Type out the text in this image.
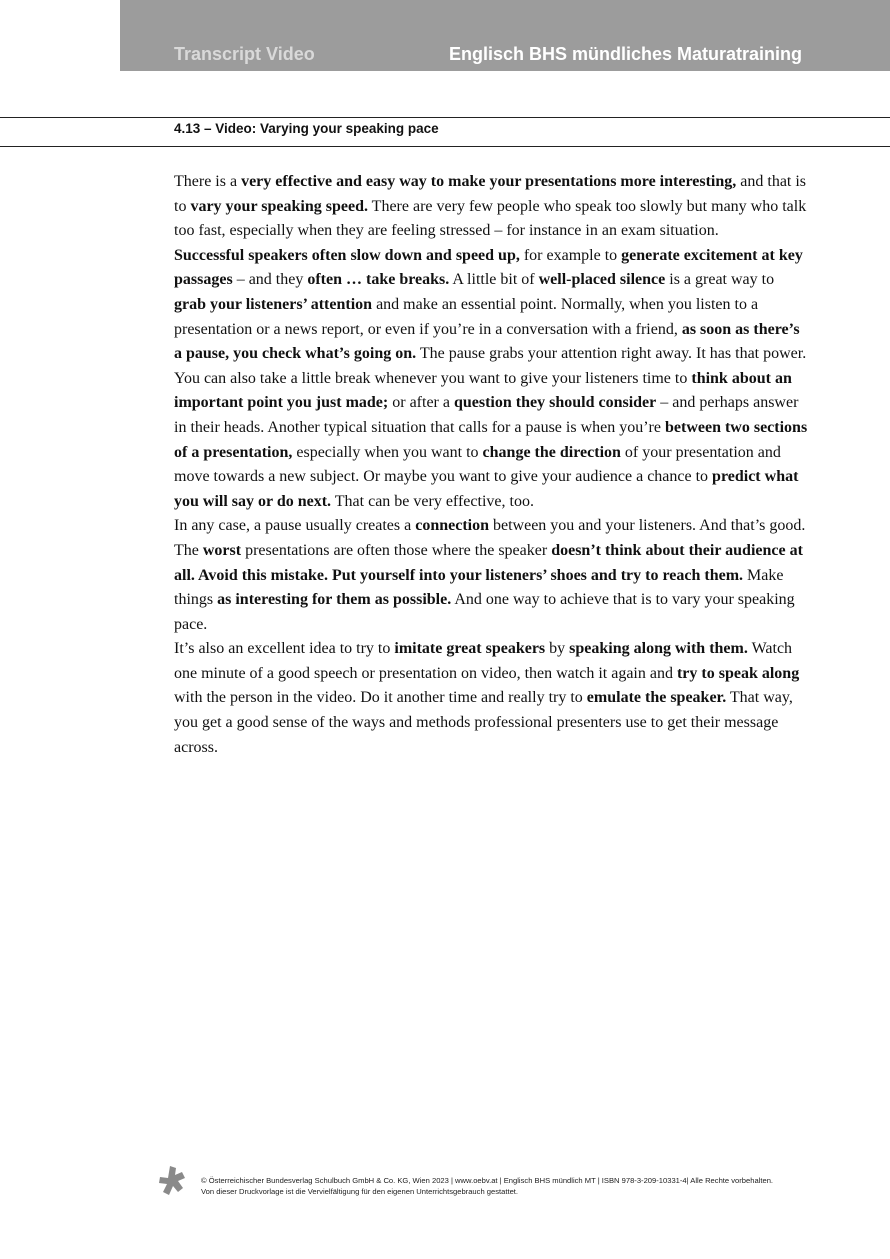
Transcript Video	Englisch BHS mündliches Maturatraining
4.13 – Video: Varying your speaking pace

There is a very effective and easy way to make your presentations more interesting, and that is to vary your speaking speed. There are very few people who speak too slowly but many who talk too fast, especially when they are feeling stressed – for instance in an exam situation.

Successful speakers often slow down and speed up, for example to generate excitement at key passages – and they often … take breaks. A little bit of well-placed silence is a great way to grab your listeners’ attention and make an essential point. Normally, when you listen to a presentation or a news report, or even if you’re in a conversation with a friend, as soon as there’s a pause, you check what’s going on. The pause grabs your attention right away. It has that power.

You can also take a little break whenever you want to give your listeners time to think about an important point you just made; or after a question they should consider – and perhaps answer in their heads. Another typical situation that calls for a pause is when you’re between two sections of a presentation, especially when you want to change the direction of your presentation and move towards a new subject. Or maybe you want to give your audience a chance to predict what you will say or do next. That can be very effective, too.

In any case, a pause usually creates a connection between you and your listeners. And that’s good. The worst presentations are often those where the speaker doesn’t think about their audience at all. Avoid this mistake. Put yourself into your listeners’ shoes and try to reach them. Make things as interesting for them as possible. And one way to achieve that is to vary your speaking pace.

It’s also an excellent idea to try to imitate great speakers by speaking along with them. Watch one minute of a good speech or presentation on video, then watch it again and try to speak along with the person in the video. Do it another time and really try to emulate the speaker. That way, you get a good sense of the ways and methods professional presenters use to get their message across.

© Österreichischer Bundesverlag Schulbuch GmbH & Co. KG, Wien 2023 | www.oebv.at | Englisch BHS mündlich MT | ISBN 978-3-209-10331-4| Alle Rechte vorbehalten.
Von dieser Druckvorlage ist die Vervielfältigung für den eigenen Unterrichtsgebrauch gestattet.
